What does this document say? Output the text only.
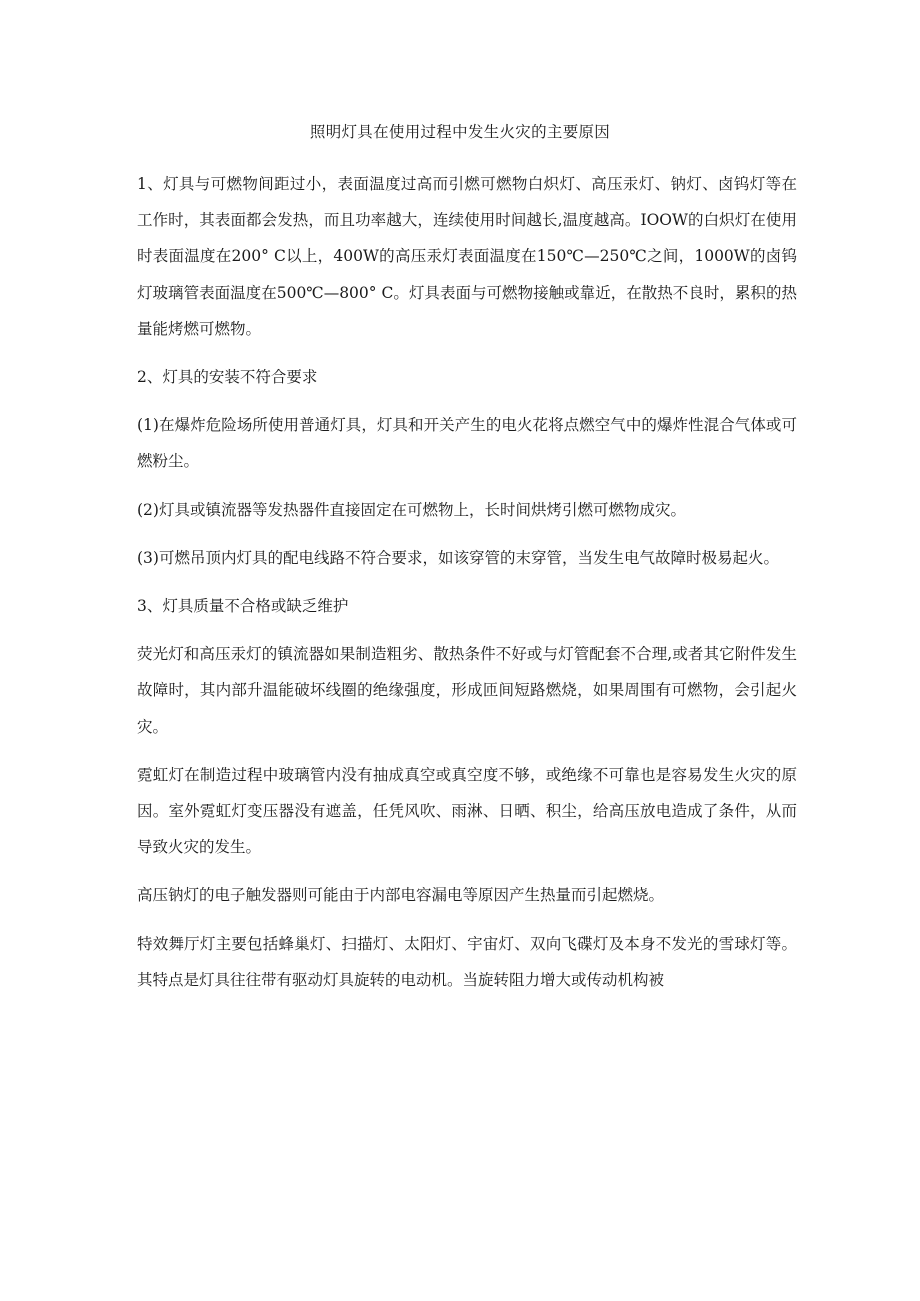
照明灯具在使用过程中发生火灾的主要原因

1、灯具与可燃物间距过小，表面温度过高而引燃可燃物白炽灯、高压汞灯、钠灯、卤钨灯等在工作时，其表面都会发热，而且功率越大，连续使用时间越长,温度越高。IOOW的白炽灯在使用时表面温度在200° C以上，400W的高压汞灯表面温度在150℃—250℃之间，1000W的卤钨灯玻璃管表面温度在500℃—800° C。灯具表面与可燃物接触或靠近，在散热不良时，累积的热量能烤燃可燃物。

2、灯具的安装不符合要求

(1)在爆炸危险场所使用普通灯具，灯具和开关产生的电火花将点燃空气中的爆炸性混合气体或可燃粉尘。

(2)灯具或镇流器等发热器件直接固定在可燃物上，长时间烘烤引燃可燃物成灾。

(3)可燃吊顶内灯具的配电线路不符合要求，如该穿管的末穿管，当发生电气故障时极易起火。

3、灯具质量不合格或缺乏维护

荧光灯和高压汞灯的镇流器如果制造粗劣、散热条件不好或与灯管配套不合理,或者其它附件发生故障时，其内部升温能破坏线圈的绝缘强度，形成匝间短路燃烧，如果周围有可燃物，会引起火灾。

霓虹灯在制造过程中玻璃管内没有抽成真空或真空度不够，或绝缘不可靠也是容易发生火灾的原因。室外霓虹灯变压器没有遮盖，任凭风吹、雨淋、日晒、积尘，给高压放电造成了条件，从而导致火灾的发生。

高压钠灯的电子触发器则可能由于内部电容漏电等原因产生热量而引起燃烧。

特效舞厅灯主要包括蜂巢灯、扫描灯、太阳灯、宇宙灯、双向飞碟灯及本身不发光的雪球灯等。其特点是灯具往往带有驱动灯具旋转的电动机。当旋转阻力增大或传动机构被
